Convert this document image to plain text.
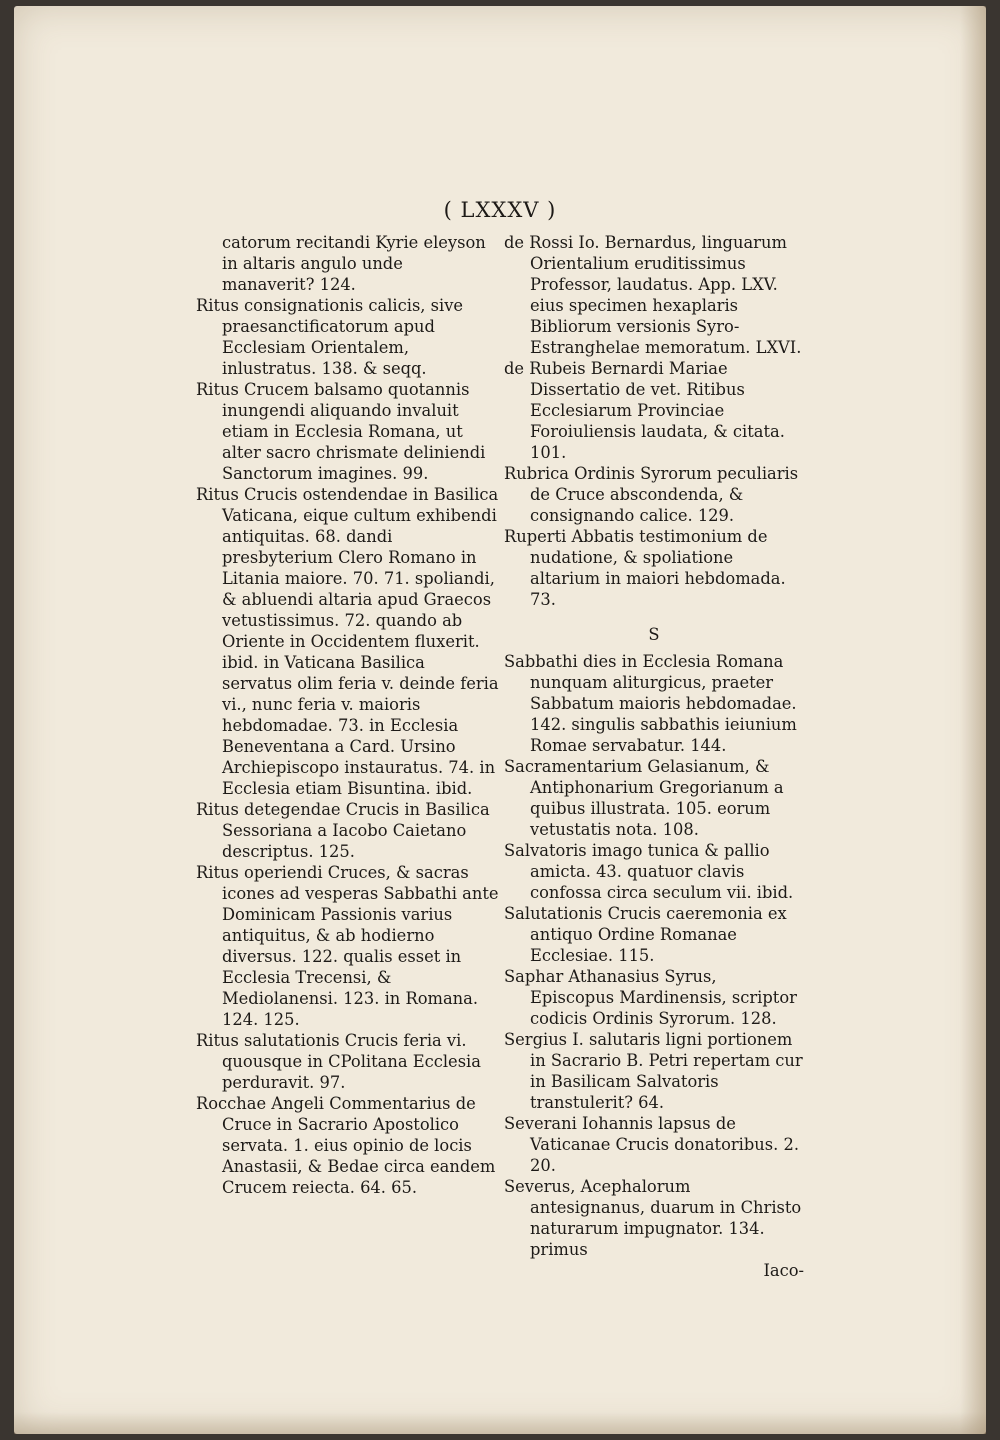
( LXXXV )

catorum recitandi Kyrie eleyson in altaris angulo unde manaverit? 124.

Ritus consignationis calicis, sive praesanctificatorum apud Ecclesiam Orientalem, inlustratus. 138. & seqq.

Ritus Crucem balsamo quotannis inungendi aliquando invaluit etiam in Ecclesia Romana, ut alter sacro chrismate deliniendi Sanctorum imagines. 99.

Ritus Crucis ostendendae in Basilica Vaticana, eique cultum exhibendi antiquitas. 68. dandi presbyterium Clero Romano in Litania maiore. 70. 71. spoliandi, & abluendi altaria apud Graecos vetustissimus. 72. quando ab Oriente in Occidentem fluxerit. ibid. in Vaticana Basilica servatus olim feria v. deinde feria vi., nunc feria v. maioris hebdomadae. 73. in Ecclesia Beneventana a Card. Ursino Archiepiscopo instauratus. 74. in Ecclesia etiam Bisuntina. ibid.

Ritus detegendae Crucis in Basilica Sessoriana a Iacobo Caietano descriptus. 125.

Ritus operiendi Cruces, & sacras icones ad vesperas Sabbathi ante Dominicam Passionis varius antiquitus, & ab hodierno diversus. 122. qualis esset in Ecclesia Trecensi, & Mediolanensi. 123. in Romana. 124. 125.

Ritus salutationis Crucis feria vi. quousque in CPolitana Ecclesia perduravit. 97.

Rocchae Angeli Commentarius de Cruce in Sacrario Apostolico servata. 1. eius opinio de locis Anastasii, & Bedae circa eandem Crucem reiecta. 64. 65.

de Rossi Io. Bernardus, linguarum Orientalium eruditissimus Professor, laudatus. App. LXV. eius specimen hexaplaris Bibliorum versionis Syro-Estranghelae memoratum. LXVI.

de Rubeis Bernardi Mariae Dissertatio de vet. Ritibus Ecclesiarum Provinciae Foroiuliensis laudata, & citata. 101.

Rubrica Ordinis Syrorum peculiaris de Cruce abscondenda, & consignando calice. 129.

Ruperti Abbatis testimonium de nudatione, & spoliatione altarium in maiori hebdomada. 73.

S

Sabbathi dies in Ecclesia Romana nunquam aliturgicus, praeter Sabbatum maioris hebdomadae. 142. singulis sabbathis ieiunium Romae servabatur. 144.

Sacramentarium Gelasianum, & Antiphonarium Gregorianum a quibus illustrata. 105. eorum vetustatis nota. 108.

Salvatoris imago tunica & pallio amicta. 43. quatuor clavis confossa circa seculum vii. ibid.

Salutationis Crucis caeremonia ex antiquo Ordine Romanae Ecclesiae. 115.

Saphar Athanasius Syrus, Episcopus Mardinensis, scriptor codicis Ordinis Syrorum. 128.

Sergius I. salutaris ligni portionem in Sacrario B. Petri repertam cur in Basilicam Salvatoris transtulerit? 64.

Severani Iohannis lapsus de Vaticanae Crucis donatoribus. 2. 20.

Severus, Acephalorum antesignanus, duarum in Christo naturarum impugnator. 134. primus

Iaco-
